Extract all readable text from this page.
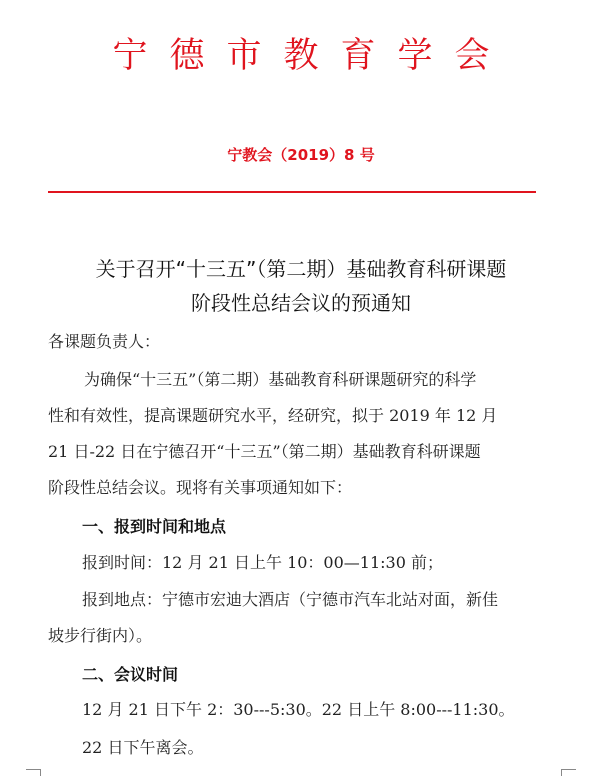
宁德市教育学会
宁教会（2019）8 号
关于召开“十三五”（第二期）基础教育科研课题
阶段性总结会议的预通知
各课题负责人：
为确保“十三五”（第二期）基础教育科研课题研究的科学
性和有效性，提高课题研究水平，经研究，拟于 2019 年 12 月
21 日-22 日在宁德召开“十三五”（第二期）基础教育科研课题
阶段性总结会议。现将有关事项通知如下：
一、报到时间和地点
报到时间：12 月 21 日上午 10：00—11:30 前；
报到地点：宁德市宏迪大酒店（宁德市汽车北站对面，新佳
坡步行街内）。
二、会议时间
12 月 21 日下午 2：30---5:30。22 日上午 8:00---11:30。
22 日下午离会。
